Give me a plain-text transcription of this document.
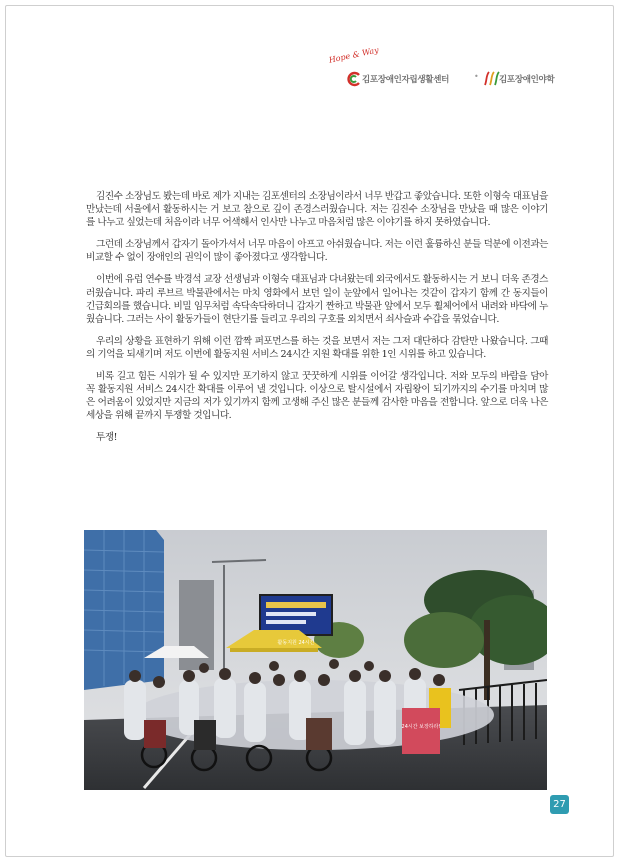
Hope & Way
김포장애인자립생활센터	• 김포장애인야학

김진수 소장님도 봤는데 바로 제가 지내는 김포센터의 소장님이라서 너무 반갑고 좋았습니다. 또한 이형숙 대표님을 만났는데 서울에서 활동하시는 거 보고 참으로 깊이 존경스러웠습니다. 저는 김진수 소장님을 만났을 때 많은 이야기를 나누고 싶었는데 처음이라 너무 어색해서 인사만 나누고 마음처럼 많은 이야기를 하지 못하였습니다.

그런데 소장님께서 갑자기 돌아가셔서 너무 마음이 아프고 아쉬웠습니다. 저는 이런 훌륭하신 분들 덕분에 이전과는 비교할 수 없이 장애인의 권익이 많이 좋아졌다고 생각합니다.

이번에 유럽 연수를 박경석 교장 선생님과 이형숙 대표님과 다녀왔는데 외국에서도 활동하시는 거 보니 더욱 존경스러웠습니다. 파리 루브르 박물관에서는 마치 영화에서 보던 일이 눈앞에서 일어나는 것같이 갑자기 함께 간 동지들이 긴급회의를 했습니다. 비밀 임무처럼 속닥속닥하더니 갑자기 짠하고 박물관 앞에서 모두 휠체어에서 내려와 바닥에 누웠습니다. 그러는 사이 활동가들이 현단기를 들리고 우리의 구호를 외치면서 쇠사슬과 수갑을 묶었습니다.

우리의 상황을 표현하기 위해 이런 깜짝 퍼포먼스를 하는 것을 보면서 저는 그저 대단하다 감탄만 나왔습니다. 그때의 기억을 되새기며 저도 이번에 활동지원 서비스 24시간 지원 확대를 위한 1인 시위를 하고 있습니다.

비록 길고 힘든 시위가 될 수 있지만 포기하지 않고 꿋꿋하게 시위를 이어갈 생각입니다. 저와 모두의 바람을 담아 꼭 활동지원 서비스 24시간 확대를 이루어 낼 것입니다. 이상으로 탈시설에서 자립왕이 되기까지의 수기를 마치며 많은 어려움이 있었지만 지금의 저가 있기까지 함께 고생해 주신 많은 분들께 감사한 마음을 전합니다. 앞으로 더욱 나은 세상을 위해 끝까지 투쟁할 것입니다.

투쟁!

24시간 보장하라!
활동지원 24시간
27
